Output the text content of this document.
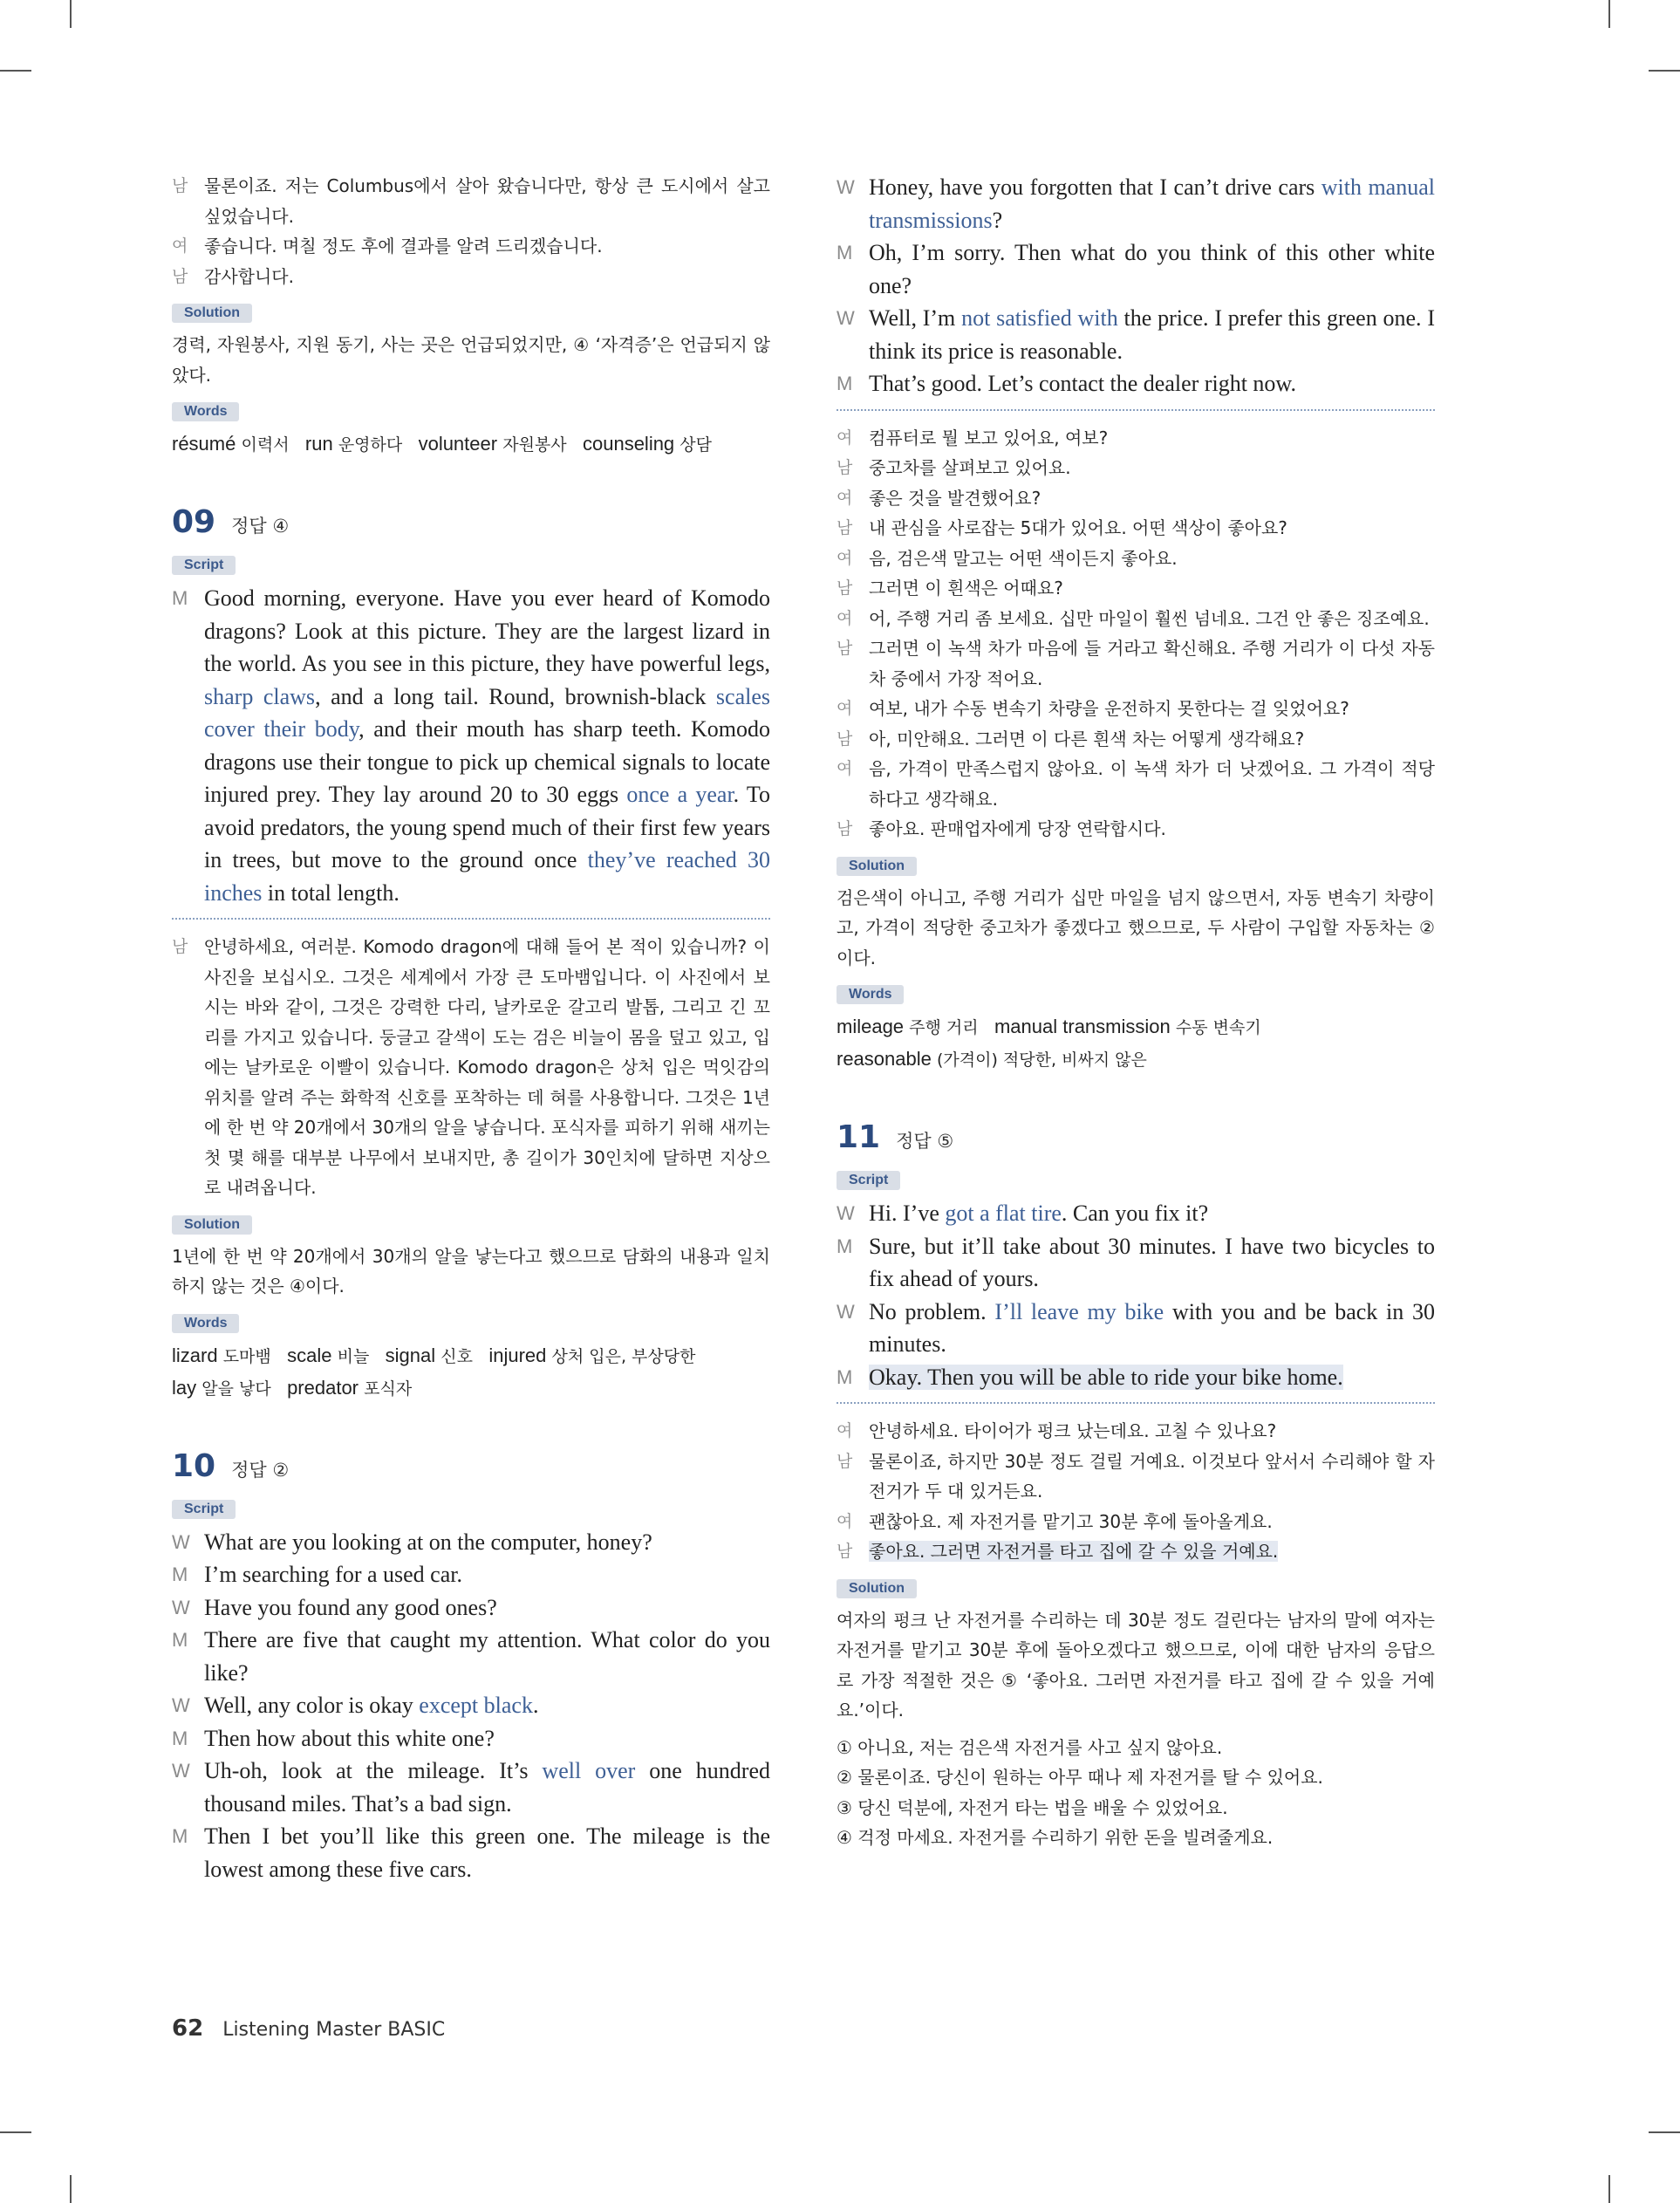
남 물론이죠. 저는 Columbus에서 살아 왔습니다만, 항상 큰 도시에서 살고 싶었습니다.
여 좋습니다. 며칠 정도 후에 결과를 알려 드리겠습니다.
남 감사합니다.
Solution

경력, 자원봉사, 지원 동기, 사는 곳은 언급되었지만, ④ ‘자격증’은 언급되지 않았다.

Words

résumé 이력서 run 운영하다 volunteer 자원봉사 counseling 상담

09 정답 ④
Script
M Good morning, everyone. Have you ever heard of Komodo dragons? Look at this picture. They are the largest lizard in the world. As you see in this picture, they have powerful legs, sharp claws, and a long tail. Round, brownish-black scales cover their body, and their mouth has sharp teeth. Komodo dragons use their tongue to pick up chemical signals to locate injured prey. They lay around 20 to 30 eggs once a year. To avoid predators, the young spend much of their first few years in trees, but move to the ground once they’ve reached 30 inches in total length.
남 안녕하세요, 여러분. Komodo dragon에 대해 들어 본 적이 있습니까? 이 사진을 보십시오. 그것은 세계에서 가장 큰 도마뱀입니다. 이 사진에서 보시는 바와 같이, 그것은 강력한 다리, 날카로운 갈고리 발톱, 그리고 긴 꼬리를 가지고 있습니다. 둥글고 갈색이 도는 검은 비늘이 몸을 덮고 있고, 입에는 날카로운 이빨이 있습니다. Komodo dragon은 상처 입은 먹잇감의 위치를 알려 주는 화학적 신호를 포착하는 데 혀를 사용합니다. 그것은 1년에 한 번 약 20개에서 30개의 알을 낳습니다. 포식자를 피하기 위해 새끼는 첫 몇 해를 대부분 나무에서 보내지만, 총 길이가 30인치에 달하면 지상으로 내려옵니다.
Solution

1년에 한 번 약 20개에서 30개의 알을 낳는다고 했으므로 담화의 내용과 일치하지 않는 것은 ④이다.

Words

lizard 도마뱀 scale 비늘 signal 신호 injured 상처 입은, 부상당한

lay 알을 낳다 predator 포식자

10 정답 ②
Script
W What are you looking at on the computer, honey?
M I’m searching for a used car.
W Have you found any good ones?
M There are five that caught my attention. What color do you like?
W Well, any color is okay except black.
M Then how about this white one?
W Uh-oh, look at the mileage. It’s well over one hundred thousand miles. That’s a bad sign.
M Then I bet you’ll like this green one. The mileage is the lowest among these five cars.
W Honey, have you forgotten that I can’t drive cars with manual transmissions?
M Oh, I’m sorry. Then what do you think of this other white one?
W Well, I’m not satisfied with the price. I prefer this green one. I think its price is reasonable.
M That’s good. Let’s contact the dealer right now.
여 컴퓨터로 뭘 보고 있어요, 여보?
남 중고차를 살펴보고 있어요.
여 좋은 것을 발견했어요?
남 내 관심을 사로잡는 5대가 있어요. 어떤 색상이 좋아요?
여 음, 검은색 말고는 어떤 색이든지 좋아요.
남 그러면 이 흰색은 어때요?
여 어, 주행 거리 좀 보세요. 십만 마일이 훨씬 넘네요. 그건 안 좋은 징조예요.
남 그러면 이 녹색 차가 마음에 들 거라고 확신해요. 주행 거리가 이 다섯 자동차 중에서 가장 적어요.
여 여보, 내가 수동 변속기 차량을 운전하지 못한다는 걸 잊었어요?
남 아, 미안해요. 그러면 이 다른 흰색 차는 어떻게 생각해요?
여 음, 가격이 만족스럽지 않아요. 이 녹색 차가 더 낫겠어요. 그 가격이 적당하다고 생각해요.
남 좋아요. 판매업자에게 당장 연락합시다.
Solution

검은색이 아니고, 주행 거리가 십만 마일을 넘지 않으면서, 자동 변속기 차량이고, 가격이 적당한 중고차가 좋겠다고 했으므로, 두 사람이 구입할 자동차는 ②이다.

Words

mileage 주행 거리 manual transmission 수동 변속기

reasonable (가격이) 적당한, 비싸지 않은

11 정답 ⑤
Script
W Hi. I’ve got a flat tire. Can you fix it?
M Sure, but it’ll take about 30 minutes. I have two bicycles to fix ahead of yours.
W No problem. I’ll leave my bike with you and be back in 30 minutes.
M Okay. Then you will be able to ride your bike home.
여 안녕하세요. 타이어가 펑크 났는데요. 고칠 수 있나요?
남 물론이죠, 하지만 30분 정도 걸릴 거예요. 이것보다 앞서서 수리해야 할 자전거가 두 대 있거든요.
여 괜찮아요. 제 자전거를 맡기고 30분 후에 돌아올게요.
남 좋아요. 그러면 자전거를 타고 집에 갈 수 있을 거예요.
Solution

여자의 펑크 난 자전거를 수리하는 데 30분 정도 걸린다는 남자의 말에 여자는 자전거를 맡기고 30분 후에 돌아오겠다고 했으므로, 이에 대한 남자의 응답으로 가장 적절한 것은 ⑤ ‘좋아요. 그러면 자전거를 타고 집에 갈 수 있을 거예요.’이다.

① 아니요, 저는 검은색 자전거를 사고 싶지 않아요.

② 물론이죠. 당신이 원하는 아무 때나 제 자전거를 탈 수 있어요.

③ 당신 덕분에, 자전거 타는 법을 배울 수 있었어요.

④ 걱정 마세요. 자전거를 수리하기 위한 돈을 빌려줄게요.

62 Listening Master BASIC
